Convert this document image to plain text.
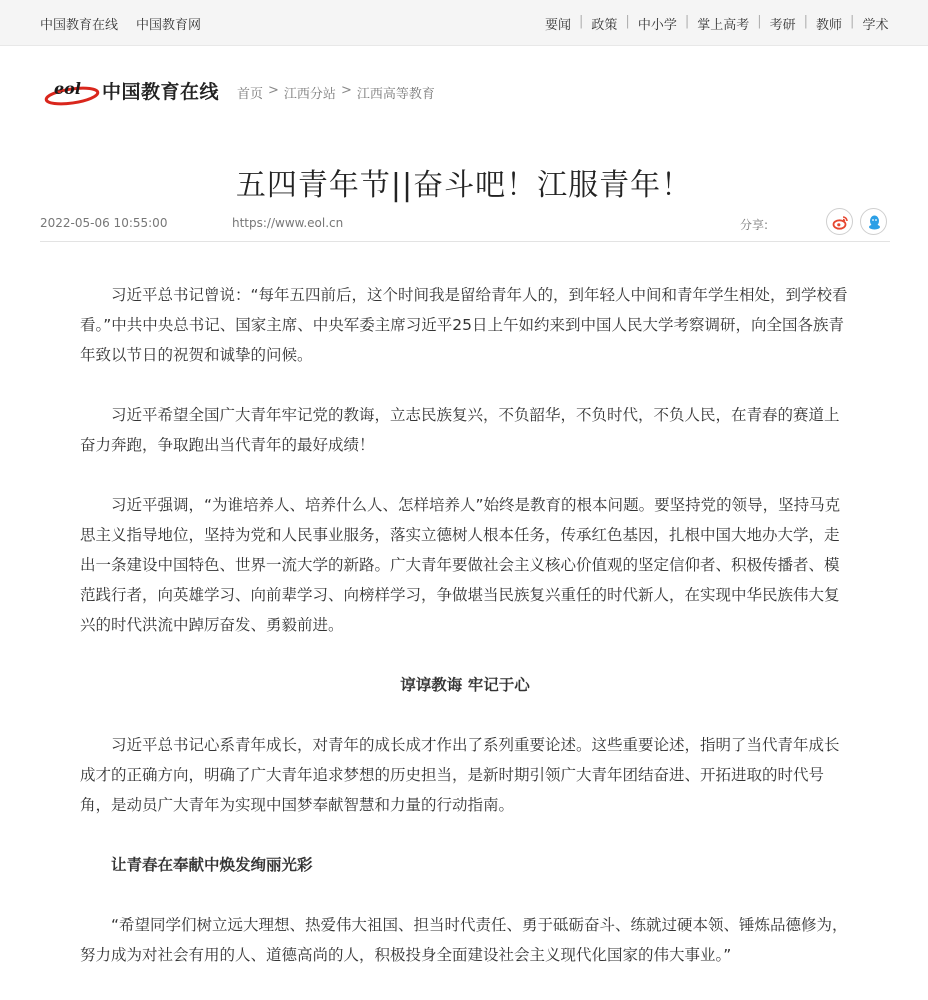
中国教育在线 中国教育网	要闻 | 政策 | 中小学 | 掌上高考 | 考研 | 教师 | 学术
eol 中国教育在线 首页 > 江西分站 > 江西高等教育
五四青年节||奋斗吧！江服青年！
2022-05-06 10:55:00	https://www.eol.cn	分享:

习近平总书记曾说：“每年五四前后，这个时间我是留给青年人的，到年轻人中间和青年学生相处，到学校看看。”中共中央总书记、国家主席、中央军委主席习近平25日上午如约来到中国人民大学考察调研，向全国各族青年致以节日的祝贺和诚挚的问候。

习近平希望全国广大青年牢记党的教诲，立志民族复兴，不负韶华，不负时代，不负人民，在青春的赛道上奋力奔跑，争取跑出当代青年的最好成绩！

习近平强调，“为谁培养人、培养什么人、怎样培养人”始终是教育的根本问题。要坚持党的领导，坚持马克思主义指导地位，坚持为党和人民事业服务，落实立德树人根本任务，传承红色基因，扎根中国大地办大学，走出一条建设中国特色、世界一流大学的新路。广大青年要做社会主义核心价值观的坚定信仰者、积极传播者、模范践行者，向英雄学习、向前辈学习、向榜样学习，争做堪当民族复兴重任的时代新人，在实现中华民族伟大复兴的时代洪流中踔厉奋发、勇毅前进。

谆谆教诲 牢记于心

习近平总书记心系青年成长，对青年的成长成才作出了系列重要论述。这些重要论述，指明了当代青年成长成才的正确方向，明确了广大青年追求梦想的历史担当，是新时期引领广大青年团结奋进、开拓进取的时代号角，是动员广大青年为实现中国梦奉献智慧和力量的行动指南。

让青春在奉献中焕发绚丽光彩

“希望同学们树立远大理想、热爱伟大祖国、担当时代责任、勇于砥砺奋斗、练就过硬本领、锤炼品德修为，努力成为对社会有用的人、道德高尚的人，积极投身全面建设社会主义现代化国家的伟大事业。”
